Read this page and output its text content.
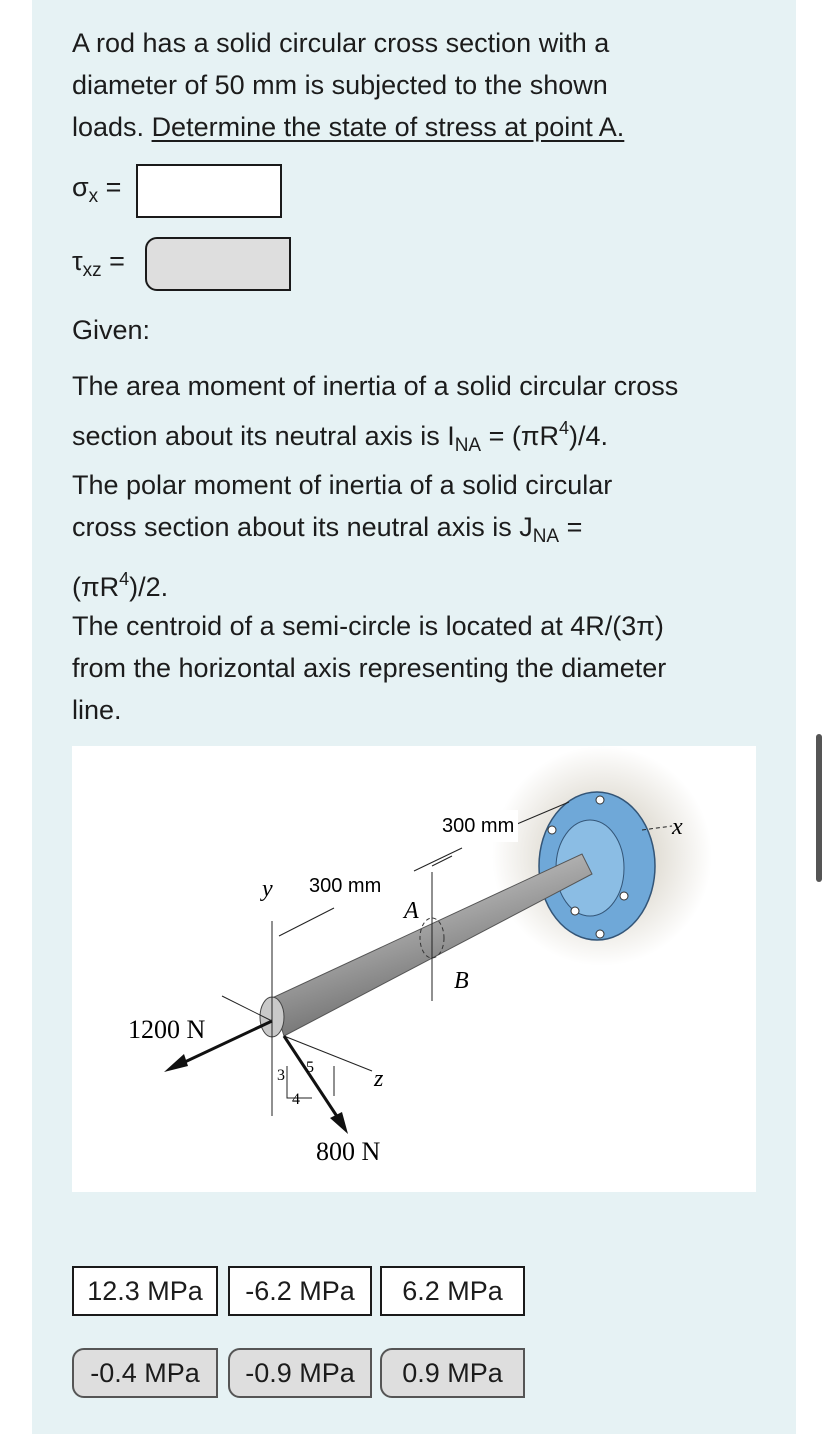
A rod has a solid circular cross section with a
diameter of 50 mm is subjected to the shown
loads. Determine the state of stress at point A.
$\sigma_x$ =
$\tau_{xz}$ =
Given:
The area moment of inertia of a solid circular cross
section about its neutral axis is $I_{NA} = (\pi R^4)/4$.
The polar moment of inertia of a solid circular
cross section about its neutral axis is $J_{NA}$ =
$(\pi R^4)/2$.
The centroid of a semi-circle is located at 4R/(3π)
from the horizontal axis representing the diameter
line.
300 mm
300 mm
y
x
z
A
B
1200 N
800 N
3
4
5
12.3 MPa	-6.2 MPa	6.2 MPa
-0.4 MPa	-0.9 MPa	0.9 MPa
